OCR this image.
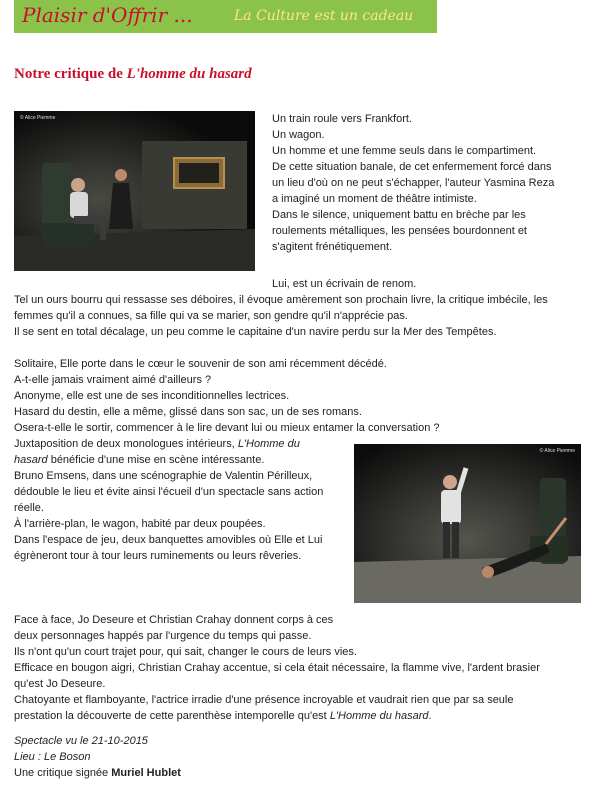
Plaisir d'Offrir ...	La Culture est un cadeau
Notre critique de L'homme du hasard
© Alice Piemme
© Alice Piemme
Un train roule vers Frankfort.
Un wagon.
Un homme et une femme seuls dans le compartiment.
De cette situation banale, de cet enfermement forcé dans
un lieu d'où on ne peut s'échapper, l'auteur Yasmina Reza
a imaginé un moment de théâtre intimiste.
Dans le silence, uniquement battu en brèche par les
roulements métalliques, les pensées bourdonnent et
s'agitent frénétiquement.
Lui, est un écrivain de renom.
Tel un ours bourru qui ressasse ses déboires, il évoque amèrement son prochain livre, la critique imbécile, les
femmes qu'il a connues, sa fille qui va se marier, son gendre qu'il n'apprécie pas.
Il se sent en total décalage, un peu comme le capitaine d'un navire perdu sur la Mer des Tempêtes.
Solitaire, Elle porte dans le cœur le souvenir de son ami récemment décédé.
A-t-elle jamais vraiment aimé d'ailleurs ?
Anonyme, elle est une de ses inconditionnelles lectrices.
Hasard du destin, elle a même, glissé dans son sac, un de ses romans.
Osera-t-elle le sortir, commencer à le lire devant lui ou mieux entamer la conversation ?
Juxtaposition de deux monologues intérieurs, L'Homme du
hasard bénéficie d'une mise en scène intéressante.
Bruno Emsens, dans une scénographie de Valentin Périlleux,
dédouble le lieu et évite ainsi l'écueil d'un spectacle sans action
réelle.
À l'arrière-plan, le wagon, habité par deux poupées.
Dans l'espace de jeu, deux banquettes amovibles où Elle et Lui
égrèneront tour à tour leurs ruminements ou leurs rêveries.
Face à face, Jo Deseure et Christian Crahay donnent corps à ces
deux personnages happés par l'urgence du temps qui passe.
Ils n'ont qu'un court trajet pour, qui sait, changer le cours de leurs vies.
Efficace en bougon aigri, Christian Crahay accentue, si cela était nécessaire, la flamme vive, l'ardent brasier
qu'est Jo Deseure.
Chatoyante et flamboyante, l'actrice irradie d'une présence incroyable et vaudrait rien que par sa seule
prestation la découverte de cette parenthèse intemporelle qu'est L'Homme du hasard.
Spectacle vu le 21-10-2015
Lieu : Le Boson
Une critique signée Muriel Hublet
